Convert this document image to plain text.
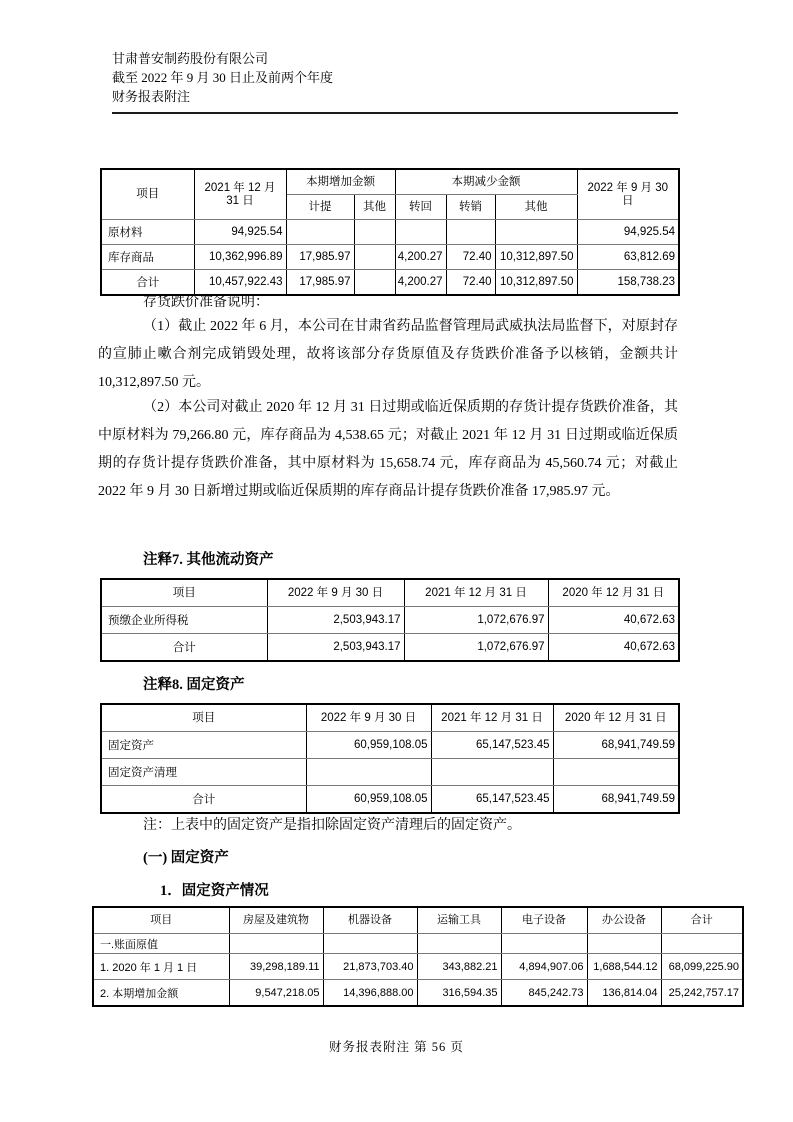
甘肃普安制药股份有限公司
截至 2022 年 9 月 30 日止及前两个年度
财务报表附注
项目	2021 年 12 月 31 日	本期增加金额		本期减少金额			2022 年 9 月 30 日
		计提	其他	转回	转销	其他	
原材料	94,925.54						94,925.54
库存商品	10,362,996.89	17,985.97		4,200.27	72.40	10,312,897.50	63,812.69
合计	10,457,922.43	17,985.97		4,200.27	72.40	10,312,897.50	158,738.23
存货跌价准备说明：
（1）截止 2022 年 6 月，本公司在甘肃省药品监督管理局武威执法局监督下，对原封存的宣肺止嗽合剂完成销毁处理，故将该部分存货原值及存货跌价准备予以核销，金额共计 10,312,897.50 元。
（2）本公司对截止 2020 年 12 月 31 日过期或临近保质期的存货计提存货跌价准备，其中原材料为 79,266.80 元，库存商品为 4,538.65 元；对截止 2021 年 12 月 31 日过期或临近保质期的存货计提存货跌价准备，其中原材料为 15,658.74 元，库存商品为 45,560.74 元；对截止 2022 年 9 月 30 日新增过期或临近保质期的库存商品计提存货跌价准备 17,985.97 元。
注释7. 其他流动资产
项目	2022 年 9 月 30 日	2021 年 12 月 31 日	2020 年 12 月 31 日
预缴企业所得税	2,503,943.17	1,072,676.97	40,672.63
合计	2,503,943.17	1,072,676.97	40,672.63
注释8. 固定资产
项目	2022 年 9 月 30 日	2021 年 12 月 31 日	2020 年 12 月 31 日
固定资产	60,959,108.05	65,147,523.45	68,941,749.59
固定资产清理			
合计	60,959,108.05	65,147,523.45	68,941,749.59
注：上表中的固定资产是指扣除固定资产清理后的固定资产。
(一) 固定资产
1．固定资产情况
项目	房屋及建筑物	机器设备	运输工具	电子设备	办公设备	合计
一.账面原值						
1. 2020 年 1 月 1 日	39,298,189.11	21,873,703.40	343,882.21	4,894,907.06	1,688,544.12	68,099,225.90
2. 本期增加金额	9,547,218.05	14,396,888.00	316,594.35	845,242.73	136,814.04	25,242,757.17
财务报表附注 第 56 页
